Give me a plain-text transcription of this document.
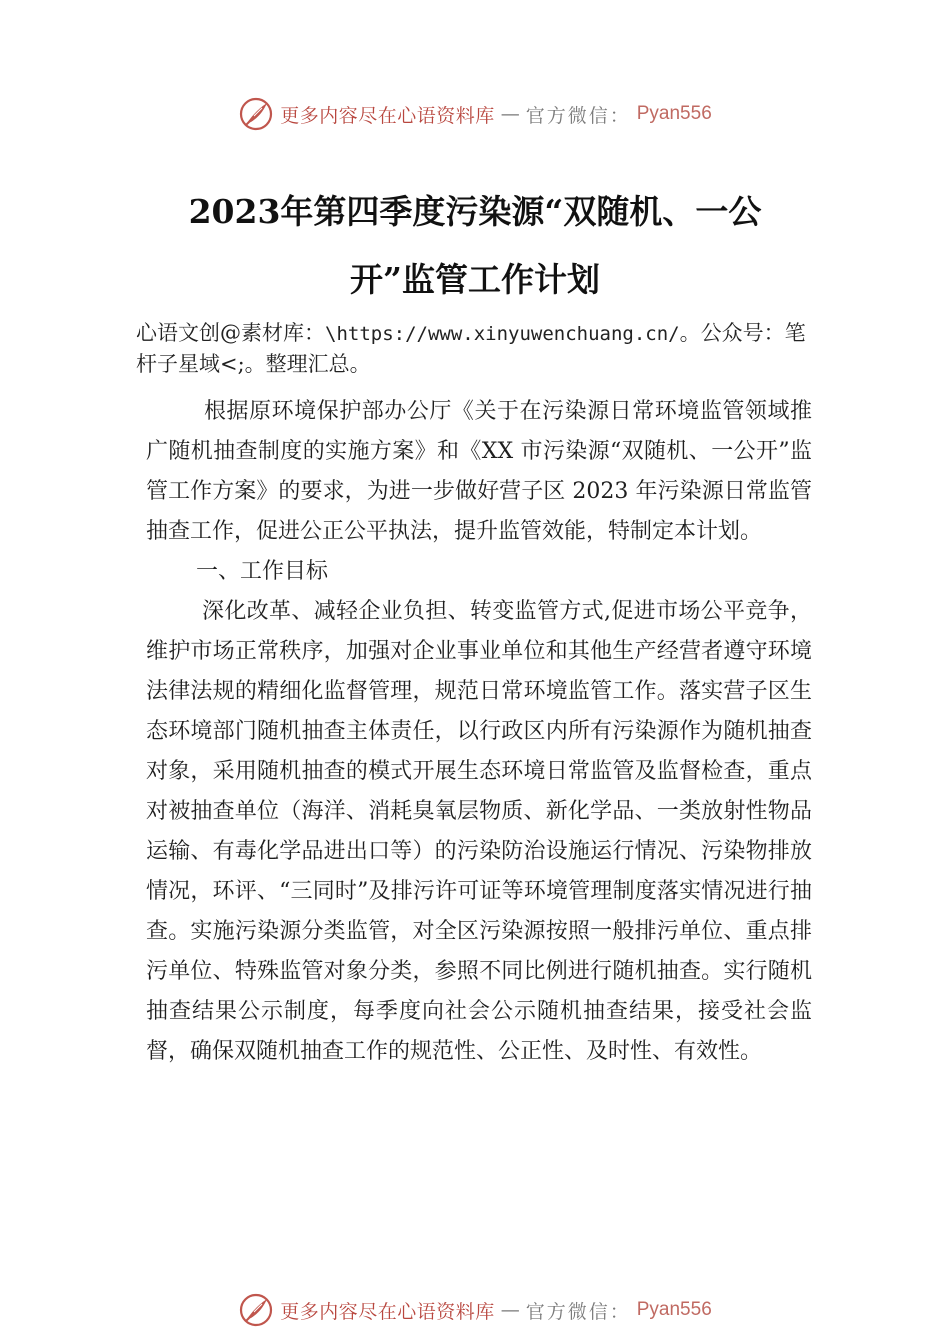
更多内容尽在心语资料库 — 官方微信： Pyan556
2023年第四季度污染源“双随机、一公
开”监管工作计划
心语文创@素材库：\https://www.xinyuwenchuang.cn/。公众号：笔杆子星域<;。整理汇总。

根据原环境保护部办公厅《关于在污染源日常环境监管领域推广随机抽查制度的实施方案》和《XX 市污染源“双随机、一公开”监管工作方案》的要求，为进一步做好营子区 2023 年污染源日常监管抽查工作，促进公正公平执法，提升监管效能，特制定本计划。

一、工作目标

深化改革、减轻企业负担、转变监管方式,促进市场公平竞争，维护市场正常秩序，加强对企业事业单位和其他生产经营者遵守环境法律法规的精细化监督管理，规范日常环境监管工作。落实营子区生态环境部门随机抽查主体责任，以行政区内所有污染源作为随机抽查对象，采用随机抽查的模式开展生态环境日常监管及监督检查，重点对被抽查单位（海洋、消耗臭氧层物质、新化学品、一类放射性物品运输、有毒化学品进出口等）的污染防治设施运行情况、污染物排放情况，环评、“三同时”及排污许可证等环境管理制度落实情况进行抽查。实施污染源分类监管，对全区污染源按照一般排污单位、重点排污单位、特殊监管对象分类，参照不同比例进行随机抽查。实行随机抽查结果公示制度，每季度向社会公示随机抽查结果，接受社会监督，确保双随机抽查工作的规范性、公正性、及时性、有效性。

更多内容尽在心语资料库 — 官方微信： Pyan556
